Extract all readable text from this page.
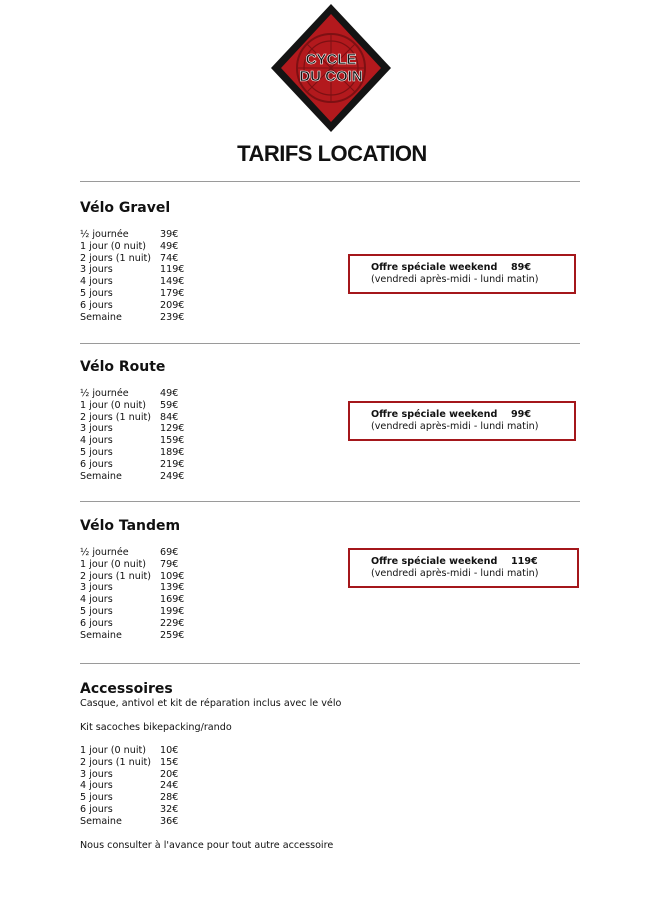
CYCLE
DU COIN
TARIFS LOCATION
Vélo Gravel
½ journée	39€
1 jour (0 nuit)	49€
2 jours (1 nuit) 74€
3 jours	119€
4 jours	149€
5 jours	179€
6 jours	209€
Semaine	239€
Offre spéciale weekend	89€
(vendredi après-midi - lundi matin)
Vélo Route
½ journée	49€
1 jour (0 nuit)	59€
2 jours (1 nuit) 84€
3 jours	129€
4 jours	159€
5 jours	189€
6 jours	219€
Semaine	249€
Offre spéciale weekend	99€
(vendredi après-midi - lundi matin)
Vélo Tandem
½ journée	69€
1 jour (0 nuit)	79€
2 jours (1 nuit) 109€
3 jours	139€
4 jours	169€
5 jours	199€
6 jours	229€
Semaine	259€
Offre spéciale weekend	119€
(vendredi après-midi - lundi matin)
Accessoires
Casque, antivol et kit de réparation inclus avec le vélo
Kit sacoches bikepacking/rando
1 jour (0 nuit)	10€
2 jours (1 nuit) 15€
3 jours	20€
4 jours	24€
5 jours	28€
6 jours	32€
Semaine	36€
Nous consulter à l'avance pour tout autre accessoire
